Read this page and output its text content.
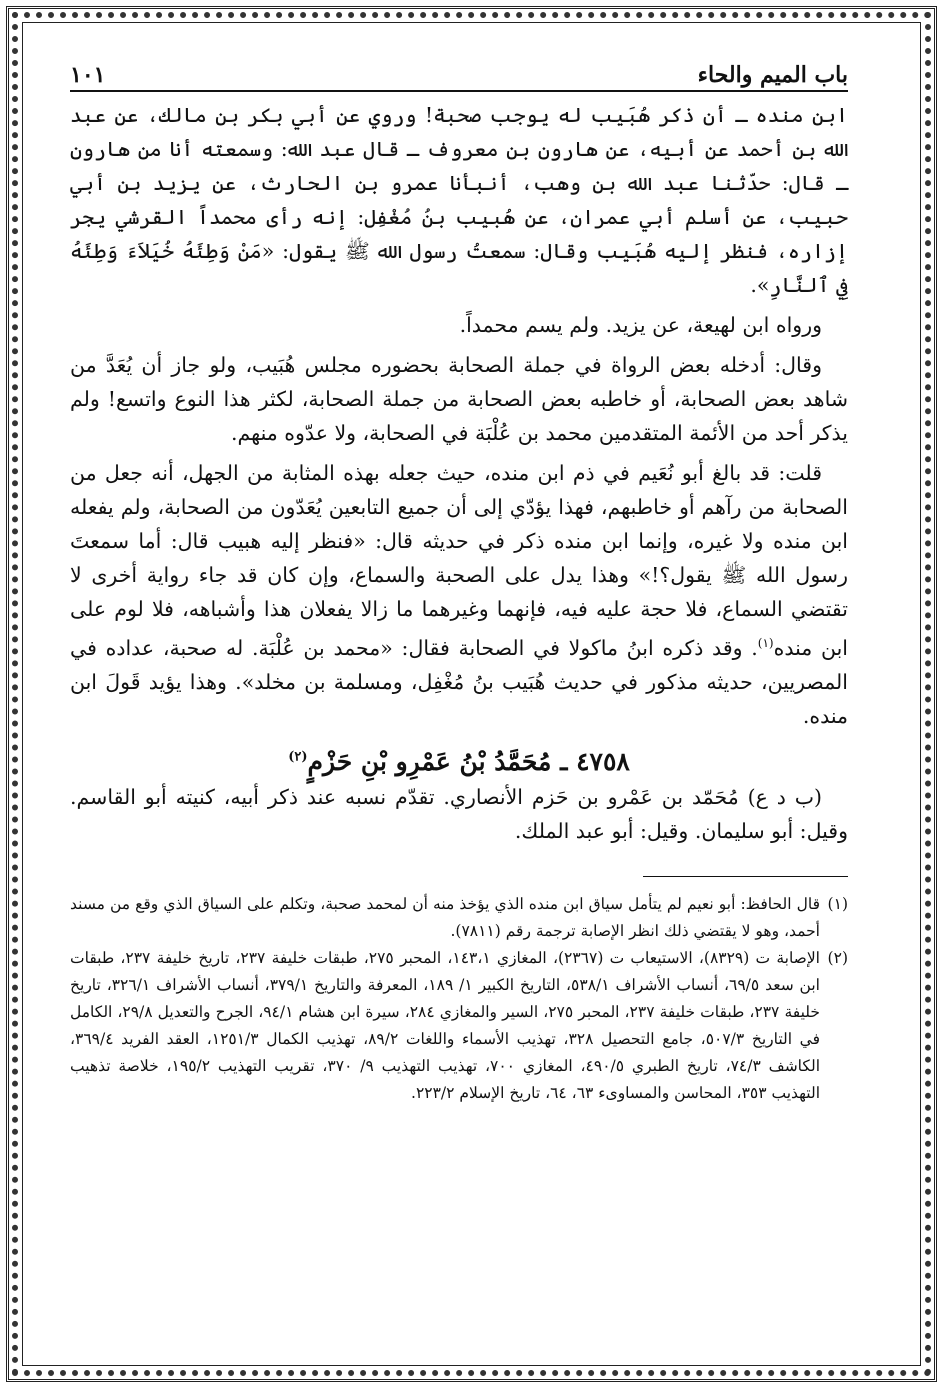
باب الميم والحاء
١٠١

ابن منده ـ أن ذكر هُبَيب له يوجب صحبة! وروي عن أبي بكر بن مالك، عن عبد الله بن أحمد عن أبيه، عن هارون بن معروف ـ قال عبد الله: وسمعته أنا من هارون ـ قال: حدّثنا عبد الله بن وهب، أنبأنا عمرو بن الحارث، عن يزيد بن أبي حبيب، عن أسلم أبي عمران، عن هُبيب بنُ مُغْفِل: إنه رأى محمداً القرشي يجر إزاره، فنظر إليه هُبَيب وقال: سمعتُ رسول الله ﷺ يقول: «مَنْ وَطِئَهُ خُيَلاَءَ وَطِئَهُ فِي ٱلنَّارِ».

ورواه ابن لهيعة، عن يزيد. ولم يسم محمداً.

وقال: أدخله بعض الرواة في جملة الصحابة بحضوره مجلس هُبَيب، ولو جاز أن يُعَدَّ من شاهد بعض الصحابة، أو خاطبه بعض الصحابة من جملة الصحابة، لكثر هذا النوع واتسع! ولم يذكر أحد من الأئمة المتقدمين محمد بن عُلْبَة في الصحابة، ولا عدّوه منهم.

قلت: قد بالغ أبو نُعَيم في ذم ابن منده، حيث جعله بهذه المثابة من الجهل، أنه جعل من الصحابة من رآهم أو خاطبهم، فهذا يؤدّي إلى أن جميع التابعين يُعَدّون من الصحابة، ولم يفعله ابن منده ولا غيره، وإنما ابن منده ذكر في حديثه قال: «فنظر إليه هبيب قال: أما سمعتَ رسول الله ﷺ يقول؟!» وهذا يدل على الصحبة والسماع، وإن كان قد جاء رواية أخرى لا تقتضي السماع، فلا حجة عليه فيه، فإنهما وغيرهما ما زالا يفعلان هذا وأشباهه، فلا لوم على ابن منده$^{(١)}$. وقد ذكره ابنُ ماكولا في الصحابة فقال: «محمد بن عُلْبَة. له صحبة، عداده في المصريين، حديثه مذكور في حديث هُبَيب بنُ مُغْفِل، ومسلمة بن مخلد». وهذا يؤيد قَولَ ابن منده.

٤٧٥٨ ـ مُحَمَّدُ بْنُ عَمْرِو بْنِ حَزْمٍ$^{(٢)}$

(ب د ع) مُحَمّد بن عَمْرو بن حَزم الأنصاري. تقدّم نسبه عند ذكر أبيه، كنيته أبو القاسم. وقيل: أبو سليمان. وقيل: أبو عبد الملك.

(١)
قال الحافظ: أبو نعيم لم يتأمل سياق ابن منده الذي يؤخذ منه أن لمحمد صحبة، وتكلم على السياق الذي وقع من مسند أحمد، وهو لا يقتضي ذلك انظر الإصابة ترجمة رقم (٧٨١١).
(٢)
الإصابة ت (٨٣٢٩)، الاستيعاب ت (٢٣٦٧)، المغازي ١٤٣،١، المحبر ٢٧٥، طبقات خليفة ٢٣٧، تاريخ خليفة ٢٣٧، طبقات ابن سعد ٦٩/٥، أنساب الأشراف ٥٣٨/١، التاريخ الكبير ١/ ١٨٩، المعرفة والتاريخ ٣٧٩/١، أنساب الأشراف ٣٢٦/١، تاريخ خليفة ٢٣٧، طبقات خليفة ٢٣٧، المحبر ٢٧٥، السير والمغازي ٢٨٤، سيرة ابن هشام ٩٤/١، الجرح والتعديل ٢٩/٨، الكامل في التاريخ ٥٠٧/٣، جامع التحصيل ٣٢٨، تهذيب الأسماء واللغات ٨٩/٢، تهذيب الكمال ١٢٥١/٣، العقد الفريد ٣٦٩/٤، الكاشف ٧٤/٣، تاريخ الطبري ٤٩٠/٥، المغازي ٧٠٠، تهذيب التهذيب ٩/ ٣٧٠، تقريب التهذيب ١٩٥/٢، خلاصة تذهيب التهذيب ٣٥٣، المحاسن والمساوىء ٦٣، ٦٤، تاريخ الإسلام ٢٢٣/٢.
